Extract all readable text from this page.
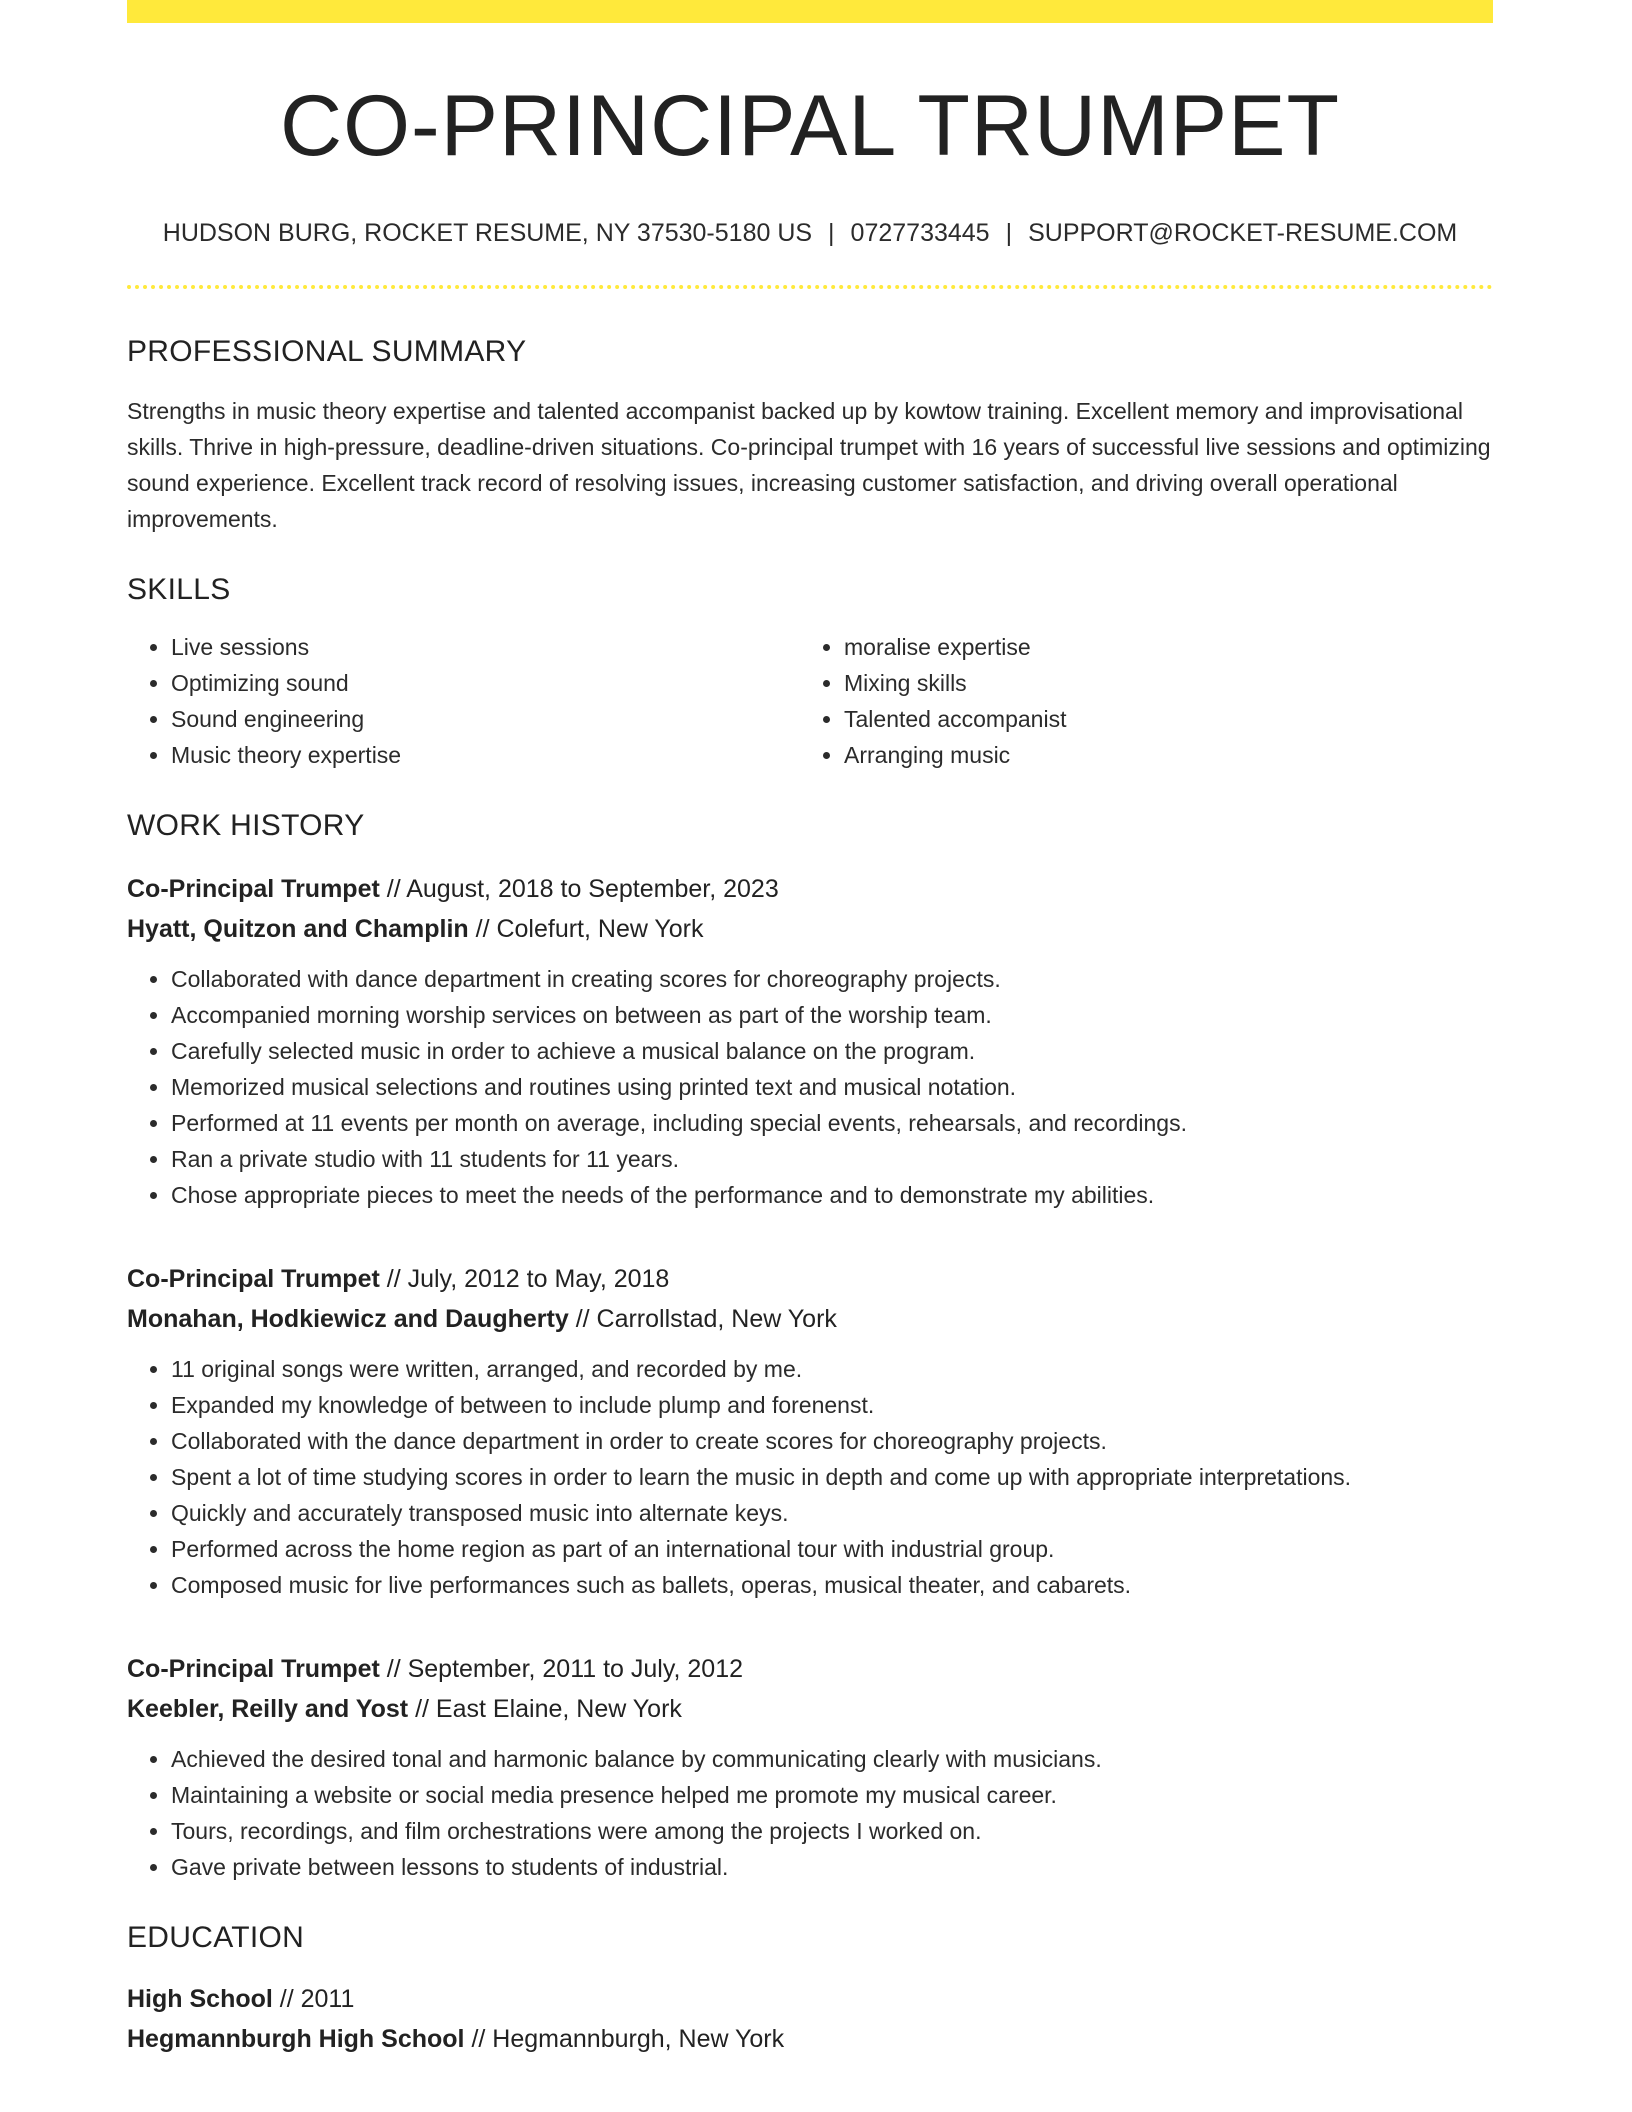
CO-PRINCIPAL TRUMPET
HUDSON BURG, ROCKET RESUME, NY 37530-5180 US | 0727733445 | SUPPORT@ROCKET-RESUME.COM
PROFESSIONAL SUMMARY

Strengths in music theory expertise and talented accompanist backed up by kowtow training. Excellent memory and improvisational skills. Thrive in high-pressure, deadline-driven situations. Co-principal trumpet with 16 years of successful live sessions and optimizing sound experience. Excellent track record of resolving issues, increasing customer satisfaction, and driving overall operational improvements.

SKILLS
• Live sessions
• Optimizing sound
• Sound engineering
• Music theory expertise
• moralise expertise
• Mixing skills
• Talented accompanist
• Arranging music
WORK HISTORY
Co-Principal Trumpet // August, 2018 to September, 2023
Hyatt, Quitzon and Champlin // Colefurt, New York
• Collaborated with dance department in creating scores for choreography projects.
• Accompanied morning worship services on between as part of the worship team.
• Carefully selected music in order to achieve a musical balance on the program.
• Memorized musical selections and routines using printed text and musical notation.
• Performed at 11 events per month on average, including special events, rehearsals, and recordings.
• Ran a private studio with 11 students for 11 years.
• Chose appropriate pieces to meet the needs of the performance and to demonstrate my abilities.
Co-Principal Trumpet // July, 2012 to May, 2018
Monahan, Hodkiewicz and Daugherty // Carrollstad, New York
• 11 original songs were written, arranged, and recorded by me.
• Expanded my knowledge of between to include plump and forenenst.
• Collaborated with the dance department in order to create scores for choreography projects.
• Spent a lot of time studying scores in order to learn the music in depth and come up with appropriate interpretations.
• Quickly and accurately transposed music into alternate keys.
• Performed across the home region as part of an international tour with industrial group.
• Composed music for live performances such as ballets, operas, musical theater, and cabarets.
Co-Principal Trumpet // September, 2011 to July, 2012
Keebler, Reilly and Yost // East Elaine, New York
• Achieved the desired tonal and harmonic balance by communicating clearly with musicians.
• Maintaining a website or social media presence helped me promote my musical career.
• Tours, recordings, and film orchestrations were among the projects I worked on.
• Gave private between lessons to students of industrial.
EDUCATION
High School // 2011
Hegmannburgh High School // Hegmannburgh, New York
